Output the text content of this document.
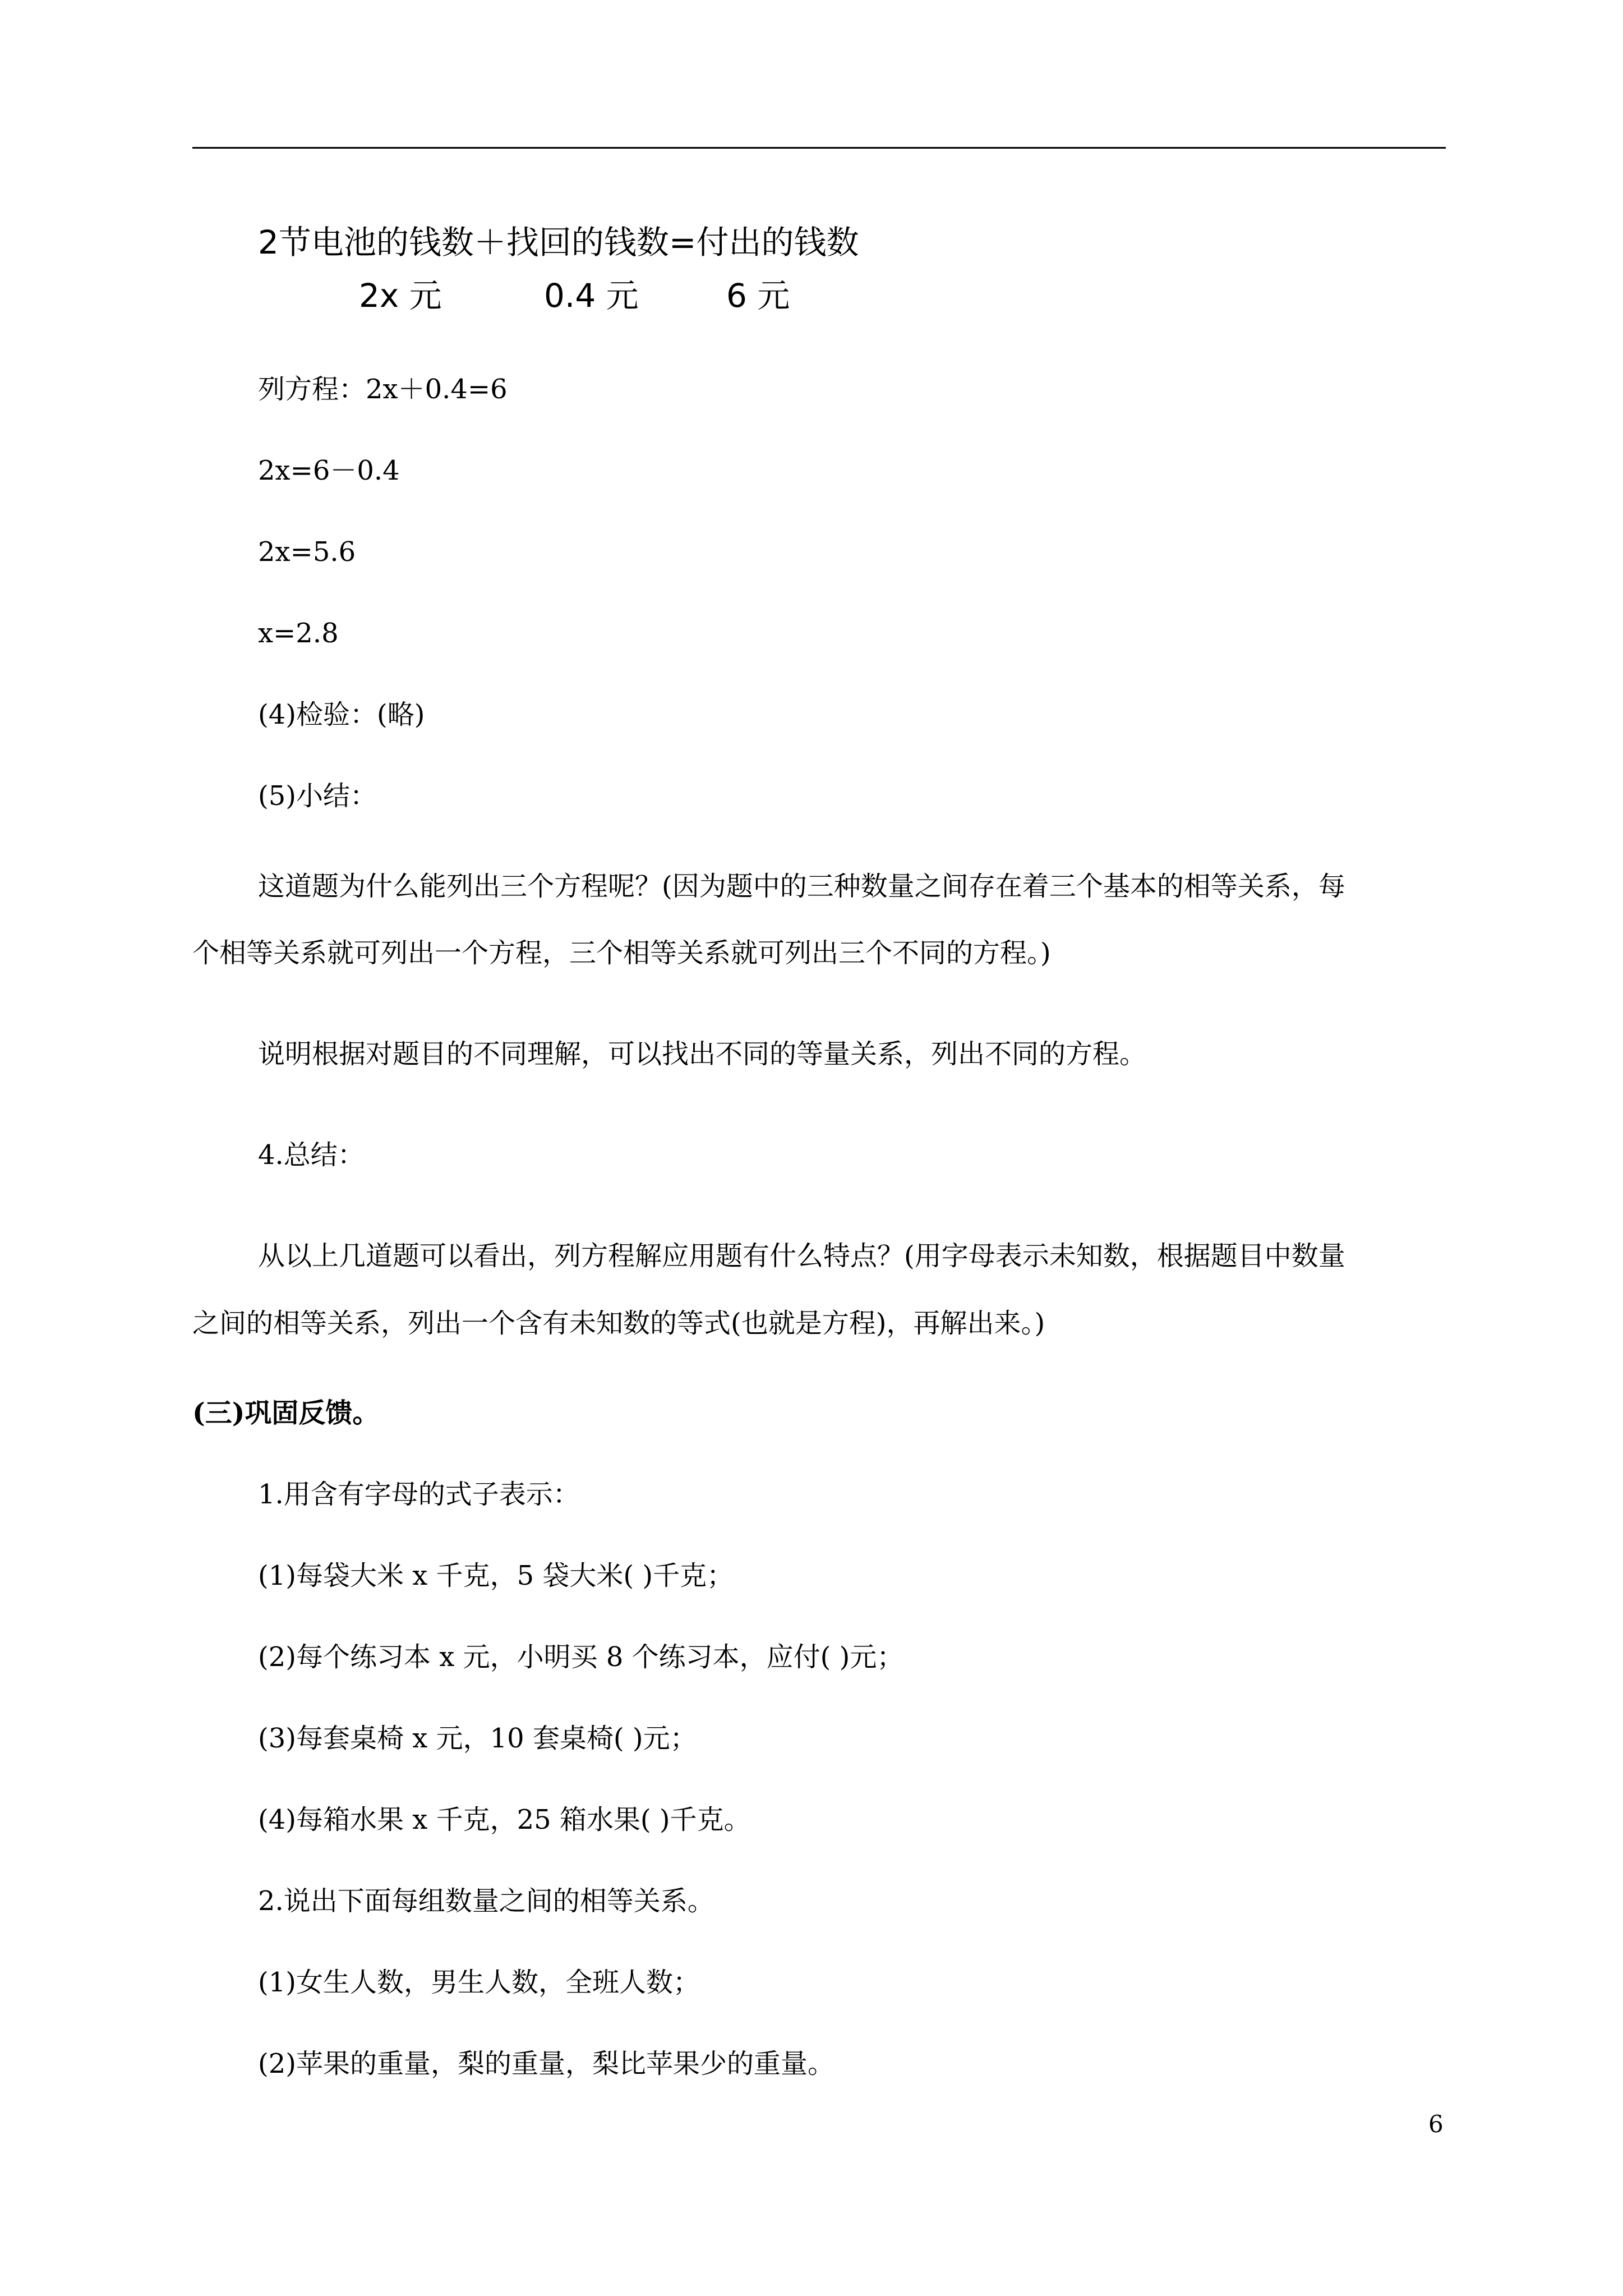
2节电池的钱数＋找回的钱数=付出的钱数
2x 元	0.4 元	6 元
列方程：2x＋0.4=6
2x=6－0.4
2x=5.6
x=2.8
(4)检验：(略)
(5)小结：
这道题为什么能列出三个方程呢？(因为题中的三种数量之间存在着三个基本的相等关系，每
个相等关系就可列出一个方程，三个相等关系就可列出三个不同的方程。)
说明根据对题目的不同理解，可以找出不同的等量关系，列出不同的方程。
4.总结：
从以上几道题可以看出，列方程解应用题有什么特点？(用字母表示未知数，根据题目中数量
之间的相等关系，列出一个含有未知数的等式(也就是方程)，再解出来。)
(三)巩固反馈。
1.用含有字母的式子表示：
(1)每袋大米 x 千克，5 袋大米( )千克；
(2)每个练习本 x 元，小明买 8 个练习本，应付( )元；
(3)每套桌椅 x 元，10 套桌椅( )元；
(4)每箱水果 x 千克，25 箱水果( )千克。
2.说出下面每组数量之间的相等关系。
(1)女生人数，男生人数，全班人数；
(2)苹果的重量，梨的重量，梨比苹果少的重量。
6
